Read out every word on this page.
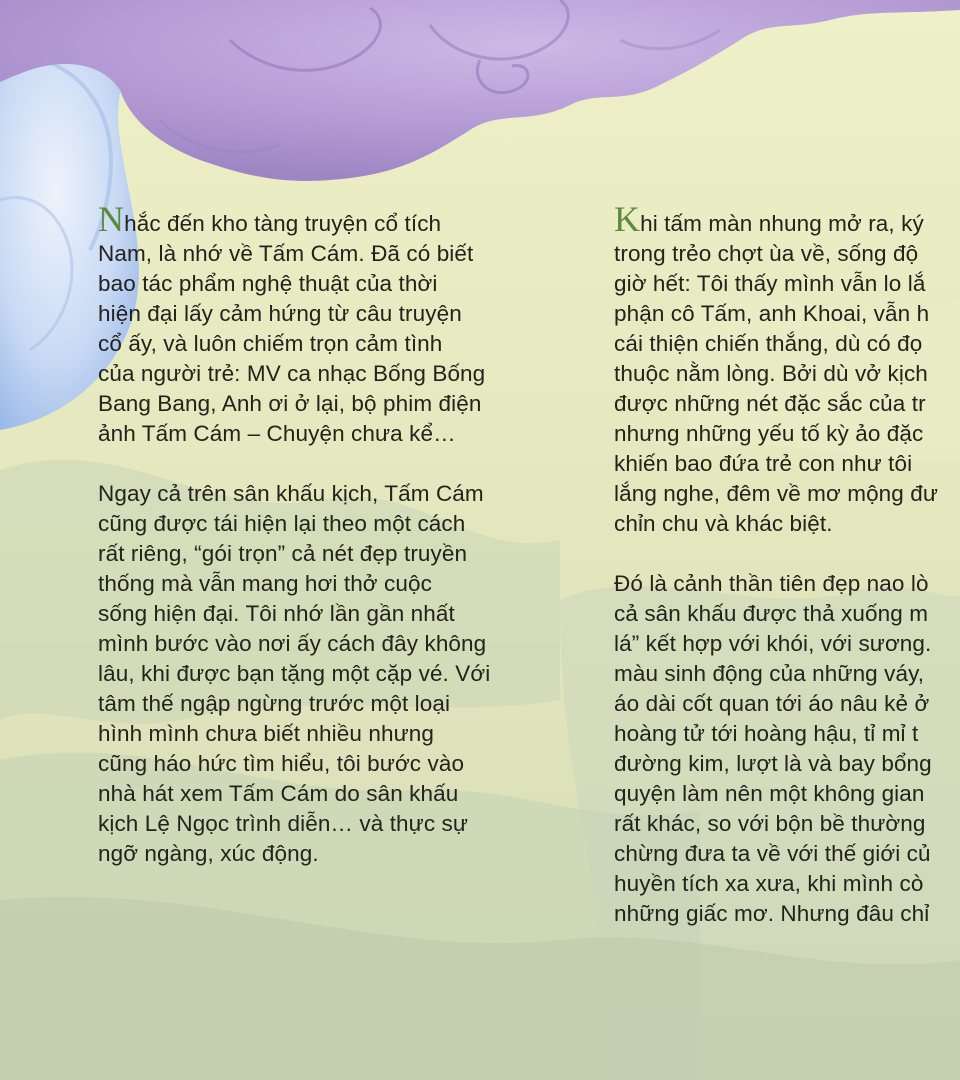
Nhắc đến kho tàng truyện cổ tích
Nam, là nhớ về Tấm Cám. Đã có biết
bao tác phẩm nghệ thuật của thời
hiện đại lấy cảm hứng từ câu truyện
cổ ấy, và luôn chiếm trọn cảm tình
của người trẻ: MV ca nhạc Bống Bống
Bang Bang, Anh ơi ở lại, bộ phim điện
ảnh Tấm Cám – Chuyện chưa kể…
Ngay cả trên sân khấu kịch, Tấm Cám
cũng được tái hiện lại theo một cách
rất riêng, “gói trọn” cả nét đẹp truyền
thống mà vẫn mang hơi thở cuộc
sống hiện đại. Tôi nhớ lần gần nhất
mình bước vào nơi ấy cách đây không
lâu, khi được bạn tặng một cặp vé. Với
tâm thế ngập ngừng trước một loại
hình mình chưa biết nhiều nhưng
cũng háo hức tìm hiểu, tôi bước vào
nhà hát xem Tấm Cám do sân khấu
kịch Lệ Ngọc trình diễn… và thực sự
ngỡ ngàng, xúc động.
Khi tấm màn nhung mở ra, ký
trong trẻo chợt ùa về, sống độ
giờ hết: Tôi thấy mình vẫn lo lắ
phận cô Tấm, anh Khoai, vẫn h
cái thiện chiến thắng, dù có đọ
thuộc nằm lòng. Bởi dù vở kịch
được những nét đặc sắc của tr
nhưng những yếu tố kỳ ảo đặc
khiến bao đứa trẻ con như tôi
lắng nghe, đêm về mơ mộng đư
chỉn chu và khác biệt.
Đó là cảnh thần tiên đẹp nao lò
cả sân khấu được thả xuống m
lá” kết hợp với khói, với sương.
màu sinh động của những váy,
áo dài cốt quan tới áo nâu kẻ ở
hoàng tử tới hoàng hậu, tỉ mỉ t
đường kim, lượt là và bay bổng
quyện làm nên một không gian
rất khác, so với bộn bề thường
chừng đưa ta về với thế giới củ
huyền tích xa xưa, khi mình cò
những giấc mơ. Nhưng đâu chỉ
